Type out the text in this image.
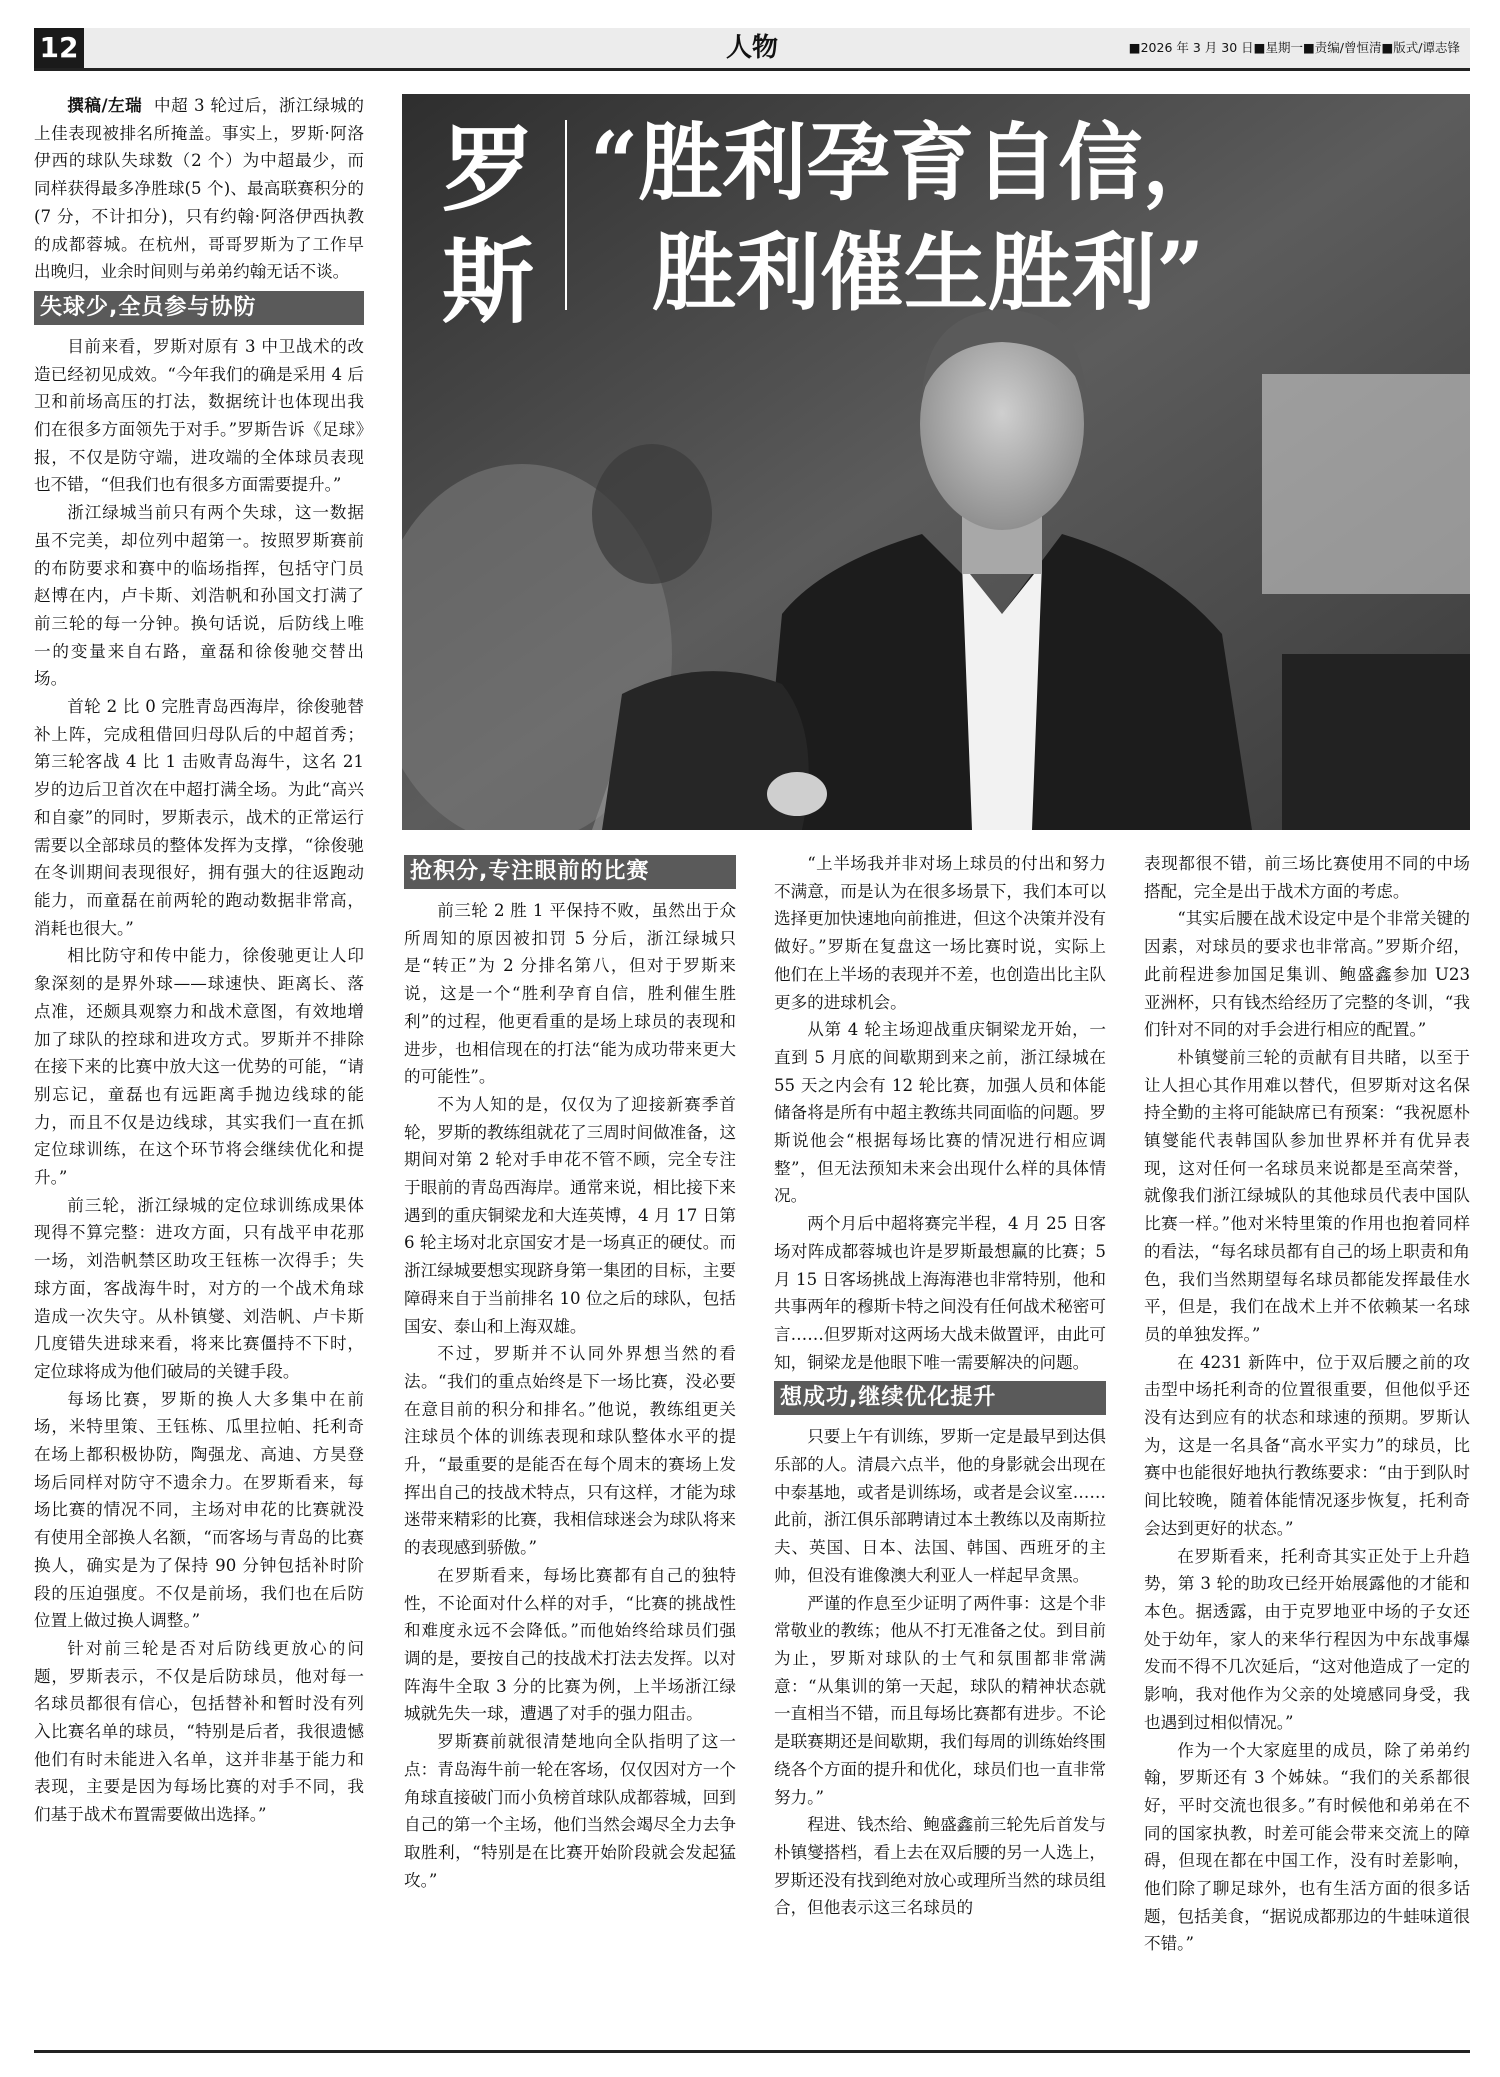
12	人物	■2026 年 3 月 30 日■星期一■责编/曾恒清■版式/谭志锋

撰稿/左瑞 中超 3 轮过后，浙江绿城的上佳表现被排名所掩盖。事实上，罗斯·阿洛伊西的球队失球数（2 个）为中超最少，而同样获得最多净胜球(5 个)、最高联赛积分的(7 分，不计扣分)，只有约翰·阿洛伊西执教的成都蓉城。在杭州，哥哥罗斯为了工作早出晚归，业余时间则与弟弟约翰无话不谈。

失球少,全员参与协防

目前来看，罗斯对原有 3 中卫战术的改造已经初见成效。“今年我们的确是采用 4 后卫和前场高压的打法，数据统计也体现出我们在很多方面领先于对手。”罗斯告诉《足球》报，不仅是防守端，进攻端的全体球员表现也不错，“但我们也有很多方面需要提升。”

浙江绿城当前只有两个失球，这一数据虽不完美，却位列中超第一。按照罗斯赛前的布防要求和赛中的临场指挥，包括守门员赵博在内，卢卡斯、刘浩帆和孙国文打满了前三轮的每一分钟。换句话说，后防线上唯一的变量来自右路，童磊和徐俊驰交替出场。

首轮 2 比 0 完胜青岛西海岸，徐俊驰替补上阵，完成租借回归母队后的中超首秀；第三轮客战 4 比 1 击败青岛海牛，这名 21 岁的边后卫首次在中超打满全场。为此“高兴和自豪”的同时，罗斯表示，战术的正常运行需要以全部球员的整体发挥为支撑，“徐俊驰在冬训期间表现很好，拥有强大的往返跑动能力，而童磊在前两轮的跑动数据非常高，消耗也很大。”

相比防守和传中能力，徐俊驰更让人印象深刻的是界外球——球速快、距离长、落点准，还颇具观察力和战术意图，有效地增加了球队的控球和进攻方式。罗斯并不排除在接下来的比赛中放大这一优势的可能，“请别忘记，童磊也有远距离手抛边线球的能力，而且不仅是边线球，其实我们一直在抓定位球训练，在这个环节将会继续优化和提升。”

前三轮，浙江绿城的定位球训练成果体现得不算完整：进攻方面，只有战平申花那一场，刘浩帆禁区助攻王钰栋一次得手；失球方面，客战海牛时，对方的一个战术角球造成一次失守。从朴镇燮、刘浩帆、卢卡斯几度错失进球来看，将来比赛僵持不下时，定位球将成为他们破局的关键手段。

每场比赛，罗斯的换人大多集中在前场，米特里策、王钰栋、瓜里拉帕、托利奇在场上都积极协防，陶强龙、高迪、方昊登场后同样对防守不遗余力。在罗斯看来，每场比赛的情况不同，主场对申花的比赛就没有使用全部换人名额，“而客场与青岛的比赛换人，确实是为了保持 90 分钟包括补时阶段的压迫强度。不仅是前场，我们也在后防位置上做过换人调整。”

针对前三轮是否对后防线更放心的问题，罗斯表示，不仅是后防球员，他对每一名球员都很有信心，包括替补和暂时没有列入比赛名单的球员，“特别是后者，我很遗憾他们有时未能进入名单，这并非基于能力和表现，主要是因为每场比赛的对手不同，我们基于战术布置需要做出选择。”

罗
斯
“胜利孕育自信，
胜利催生胜利”
抢积分,专注眼前的比赛

前三轮 2 胜 1 平保持不败，虽然出于众所周知的原因被扣罚 5 分后，浙江绿城只是“转正”为 2 分排名第八，但对于罗斯来说，这是一个“胜利孕育自信，胜利催生胜利”的过程，他更看重的是场上球员的表现和进步，也相信现在的打法“能为成功带来更大的可能性”。

不为人知的是，仅仅为了迎接新赛季首轮，罗斯的教练组就花了三周时间做准备，这期间对第 2 轮对手申花不管不顾，完全专注于眼前的青岛西海岸。通常来说，相比接下来遇到的重庆铜梁龙和大连英博，4 月 17 日第 6 轮主场对北京国安才是一场真正的硬仗。而浙江绿城要想实现跻身第一集团的目标，主要障碍来自于当前排名 10 位之后的球队，包括国安、泰山和上海双雄。

不过，罗斯并不认同外界想当然的看法。“我们的重点始终是下一场比赛，没必要在意目前的积分和排名。”他说，教练组更关注球员个体的训练表现和球队整体水平的提升，“最重要的是能否在每个周末的赛场上发挥出自己的技战术特点，只有这样，才能为球迷带来精彩的比赛，我相信球迷会为球队将来的表现感到骄傲。”

在罗斯看来，每场比赛都有自己的独特性，不论面对什么样的对手，“比赛的挑战性和难度永远不会降低。”而他始终给球员们强调的是，要按自己的技战术打法去发挥。以对阵海牛全取 3 分的比赛为例，上半场浙江绿城就先失一球，遭遇了对手的强力阻击。

罗斯赛前就很清楚地向全队指明了这一点：青岛海牛前一轮在客场，仅仅因对方一个角球直接破门而小负榜首球队成都蓉城，回到自己的第一个主场，他们当然会竭尽全力去争取胜利，“特别是在比赛开始阶段就会发起猛攻。”

“上半场我并非对场上球员的付出和努力不满意，而是认为在很多场景下，我们本可以选择更加快速地向前推进，但这个决策并没有做好。”罗斯在复盘这一场比赛时说，实际上他们在上半场的表现并不差，也创造出比主队更多的进球机会。

从第 4 轮主场迎战重庆铜梁龙开始，一直到 5 月底的间歇期到来之前，浙江绿城在 55 天之内会有 12 轮比赛，加强人员和体能储备将是所有中超主教练共同面临的问题。罗斯说他会“根据每场比赛的情况进行相应调整”，但无法预知未来会出现什么样的具体情况。

两个月后中超将赛完半程，4 月 25 日客场对阵成都蓉城也许是罗斯最想赢的比赛；5 月 15 日客场挑战上海海港也非常特别，他和共事两年的穆斯卡特之间没有任何战术秘密可言……但罗斯对这两场大战未做置评，由此可知，铜梁龙是他眼下唯一需要解决的问题。

想成功,继续优化提升

只要上午有训练，罗斯一定是最早到达俱乐部的人。清晨六点半，他的身影就会出现在中泰基地，或者是训练场，或者是会议室……此前，浙江俱乐部聘请过本土教练以及南斯拉夫、英国、日本、法国、韩国、西班牙的主帅，但没有谁像澳大利亚人一样起早贪黑。

严谨的作息至少证明了两件事：这是个非常敬业的教练；他从不打无准备之仗。到目前为止，罗斯对球队的士气和氛围都非常满意：“从集训的第一天起，球队的精神状态就一直相当不错，而且每场比赛都有进步。不论是联赛期还是间歇期，我们每周的训练始终围绕各个方面的提升和优化，球员们也一直非常努力。”

程进、钱杰给、鲍盛鑫前三轮先后首发与朴镇燮搭档，看上去在双后腰的另一人选上，罗斯还没有找到绝对放心或理所当然的球员组合，但他表示这三名球员的

表现都很不错，前三场比赛使用不同的中场搭配，完全是出于战术方面的考虑。

“其实后腰在战术设定中是个非常关键的因素，对球员的要求也非常高。”罗斯介绍，此前程进参加国足集训、鲍盛鑫参加 U23 亚洲杯，只有钱杰给经历了完整的冬训，“我们针对不同的对手会进行相应的配置。”

朴镇燮前三轮的贡献有目共睹，以至于让人担心其作用难以替代，但罗斯对这名保持全勤的主将可能缺席已有预案：“我祝愿朴镇燮能代表韩国队参加世界杯并有优异表现，这对任何一名球员来说都是至高荣誉，就像我们浙江绿城队的其他球员代表中国队比赛一样。”他对米特里策的作用也抱着同样的看法，“每名球员都有自己的场上职责和角色，我们当然期望每名球员都能发挥最佳水平，但是，我们在战术上并不依赖某一名球员的单独发挥。”

在 4231 新阵中，位于双后腰之前的攻击型中场托利奇的位置很重要，但他似乎还没有达到应有的状态和球速的预期。罗斯认为，这是一名具备“高水平实力”的球员，比赛中也能很好地执行教练要求：“由于到队时间比较晚，随着体能情况逐步恢复，托利奇会达到更好的状态。”

在罗斯看来，托利奇其实正处于上升趋势，第 3 轮的助攻已经开始展露他的才能和本色。据透露，由于克罗地亚中场的子女还处于幼年，家人的来华行程因为中东战事爆发而不得不几次延后，“这对他造成了一定的影响，我对他作为父亲的处境感同身受，我也遇到过相似情况。”

作为一个大家庭里的成员，除了弟弟约翰，罗斯还有 3 个姊妹。“我们的关系都很好，平时交流也很多。”有时候他和弟弟在不同的国家执教，时差可能会带来交流上的障碍，但现在都在中国工作，没有时差影响，他们除了聊足球外，也有生活方面的很多话题，包括美食，“据说成都那边的牛蛙味道很不错。”
